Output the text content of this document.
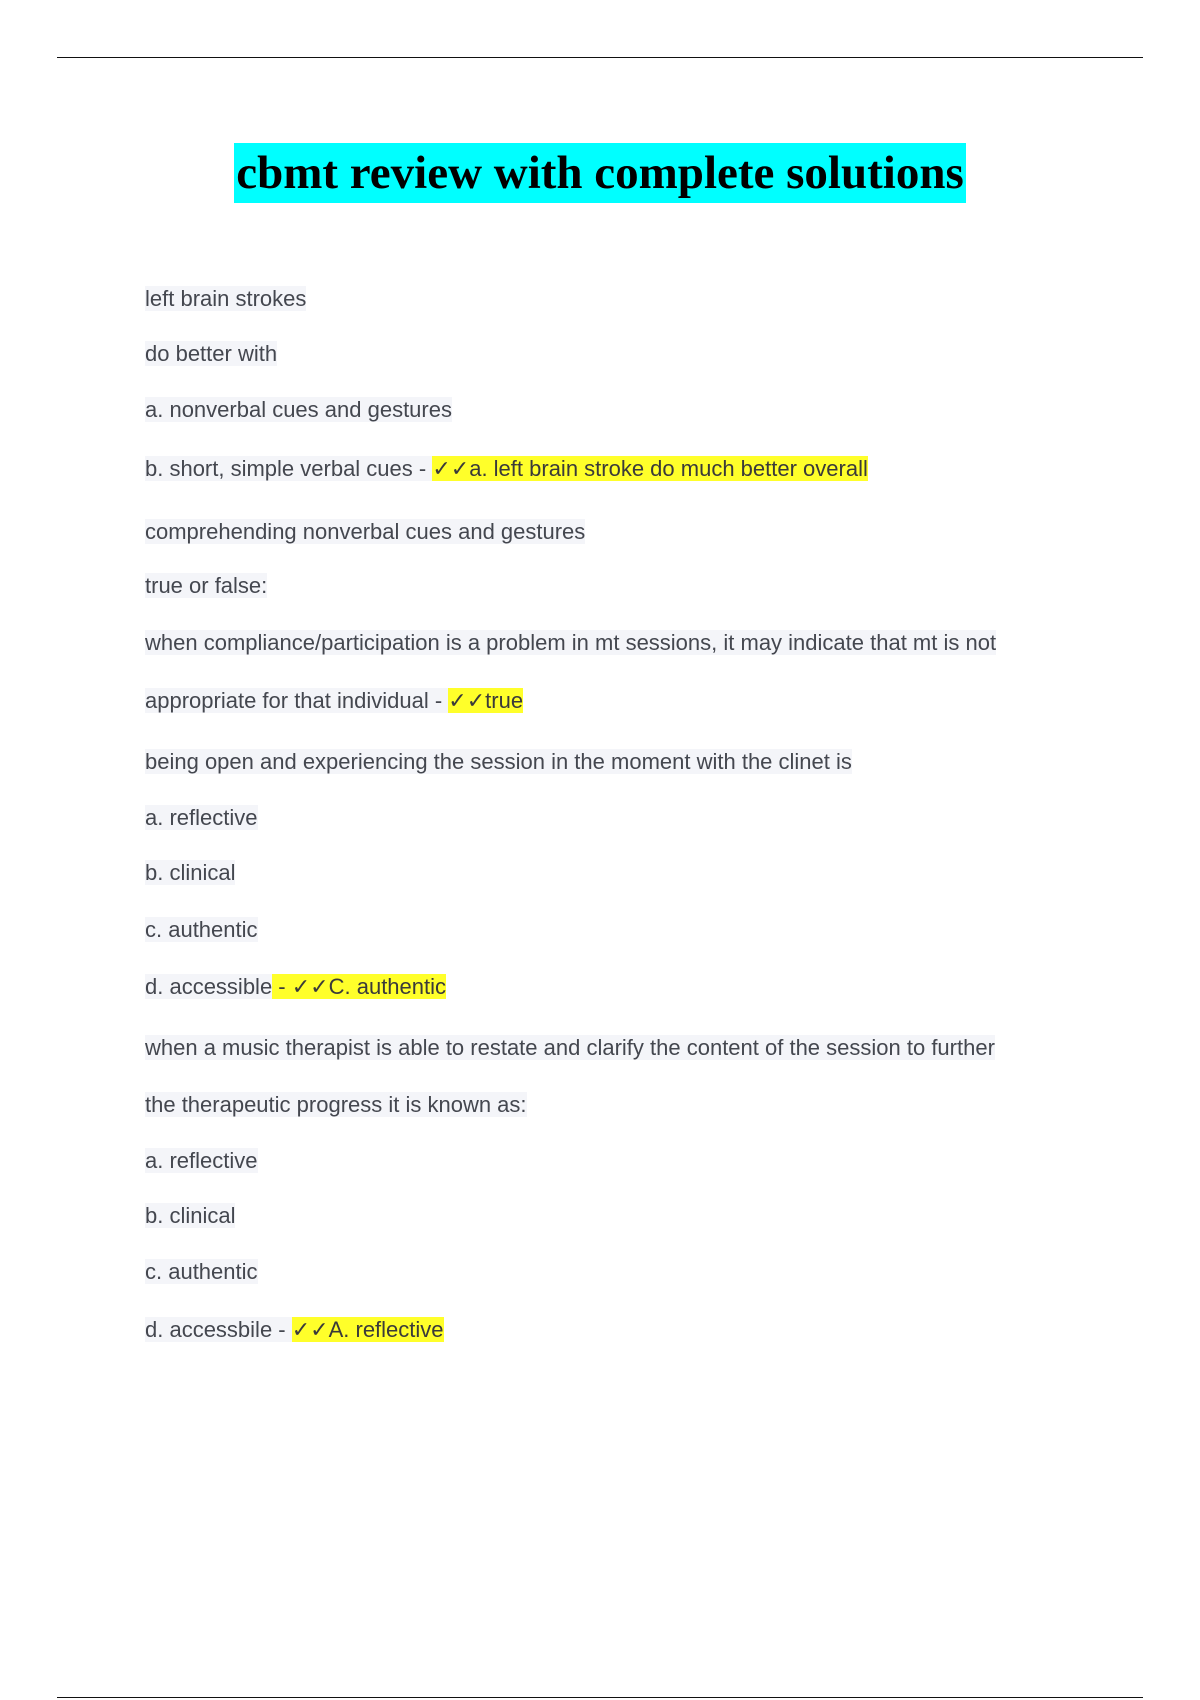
cbmt review with complete solutions
left brain strokes
do better with
a. nonverbal cues and gestures
b. short, simple verbal cues - ✓✓a. left brain stroke do much better overall
comprehending nonverbal cues and gestures
true or false:
when compliance/participation is a problem in mt sessions, it may indicate that mt is not
appropriate for that individual - ✓✓true
being open and experiencing the session in the moment with the clinet is
a. reflective
b. clinical
c. authentic
d. accessible - ✓✓C. authentic
when a music therapist is able to restate and clarify the content of the session to further
the therapeutic progress it is known as:
a. reflective
b. clinical
c. authentic
d. accessbile - ✓✓A. reflective
